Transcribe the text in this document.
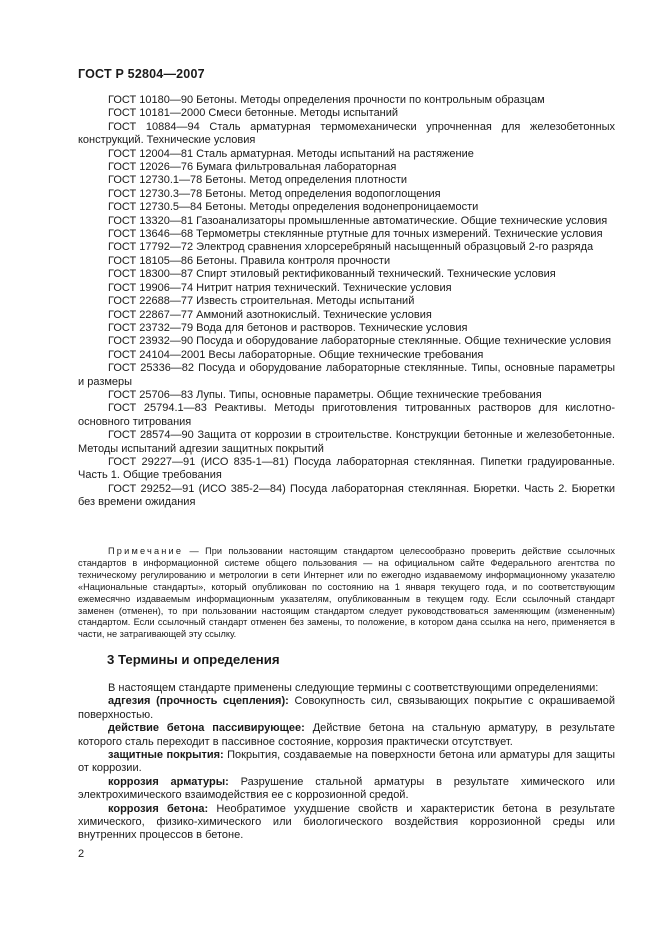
ГОСТ Р 52804—2007

ГОСТ 10180—90 Бетоны. Методы определения прочности по контрольным образцам

ГОСТ 10181—2000 Смеси бетонные. Методы испытаний

ГОСТ 10884—94 Сталь арматурная термомеханически упрочненная для железобетонных конструкций. Технические условия

ГОСТ 12004—81 Сталь арматурная. Методы испытаний на растяжение

ГОСТ 12026—76 Бумага фильтровальная лабораторная

ГОСТ 12730.1—78 Бетоны. Метод определения плотности

ГОСТ 12730.3—78 Бетоны. Метод определения водопоглощения

ГОСТ 12730.5—84 Бетоны. Методы определения водонепроницаемости

ГОСТ 13320—81 Газоанализаторы промышленные автоматические. Общие технические условия

ГОСТ 13646—68 Термометры стеклянные ртутные для точных измерений. Технические условия

ГОСТ 17792—72 Электрод сравнения хлорсеребряный насыщенный образцовый 2-го разряда

ГОСТ 18105—86 Бетоны. Правила контроля прочности

ГОСТ 18300—87 Спирт этиловый ректификованный технический. Технические условия

ГОСТ 19906—74 Нитрит натрия технический. Технические условия

ГОСТ 22688—77 Известь строительная. Методы испытаний

ГОСТ 22867—77 Аммоний азотнокислый. Технические условия

ГОСТ 23732—79 Вода для бетонов и растворов. Технические условия

ГОСТ 23932—90 Посуда и оборудование лабораторные стеклянные. Общие технические условия

ГОСТ 24104—2001 Весы лабораторные. Общие технические требования

ГОСТ 25336—82 Посуда и оборудование лабораторные стеклянные. Типы, основные параметры и размеры

ГОСТ 25706—83 Лупы. Типы, основные параметры. Общие технические требования

ГОСТ 25794.1—83 Реактивы. Методы приготовления титрованных растворов для кислотно-основного титрования

ГОСТ 28574—90 Защита от коррозии в строительстве. Конструкции бетонные и железобетонные. Методы испытаний адгезии защитных покрытий

ГОСТ 29227—91 (ИСО 835-1—81) Посуда лабораторная стеклянная. Пипетки градуированные. Часть 1. Общие требования

ГОСТ 29252—91 (ИСО 385-2—84) Посуда лабораторная стеклянная. Бюретки. Часть 2. Бюретки без времени ожидания

Примечание — При пользовании настоящим стандартом целесообразно проверить действие ссылочных стандартов в информационной системе общего пользования — на официальном сайте Федерального агентства по техническому регулированию и метрологии в сети Интернет или по ежегодно издаваемому информационному указателю «Национальные стандарты», который опубликован по состоянию на 1 января текущего года, и по соответствующим ежемесячно издаваемым информационным указателям, опубликованным в текущем году. Если ссылочный стандарт заменен (отменен), то при пользовании настоящим стандартом следует руководствоваться заменяющим (измененным) стандартом. Если ссылочный стандарт отменен без замены, то положение, в котором дана ссылка на него, применяется в части, не затрагивающей эту ссылку.

3 Термины и определения

В настоящем стандарте применены следующие термины с соответствующими определениями:

адгезия (прочность сцепления): Совокупность сил, связывающих покрытие с окрашиваемой поверхностью.

действие бетона пассивирующее: Действие бетона на стальную арматуру, в результате которого сталь переходит в пассивное состояние, коррозия практически отсутствует.

защитные покрытия: Покрытия, создаваемые на поверхности бетона или арматуры для защиты от коррозии.

коррозия арматуры: Разрушение стальной арматуры в результате химического или электрохимического взаимодействия ее с коррозионной средой.

коррозия бетона: Необратимое ухудшение свойств и характеристик бетона в результате химического, физико-химического или биологического воздействия коррозионной среды или внутренних процессов в бетоне.

2
